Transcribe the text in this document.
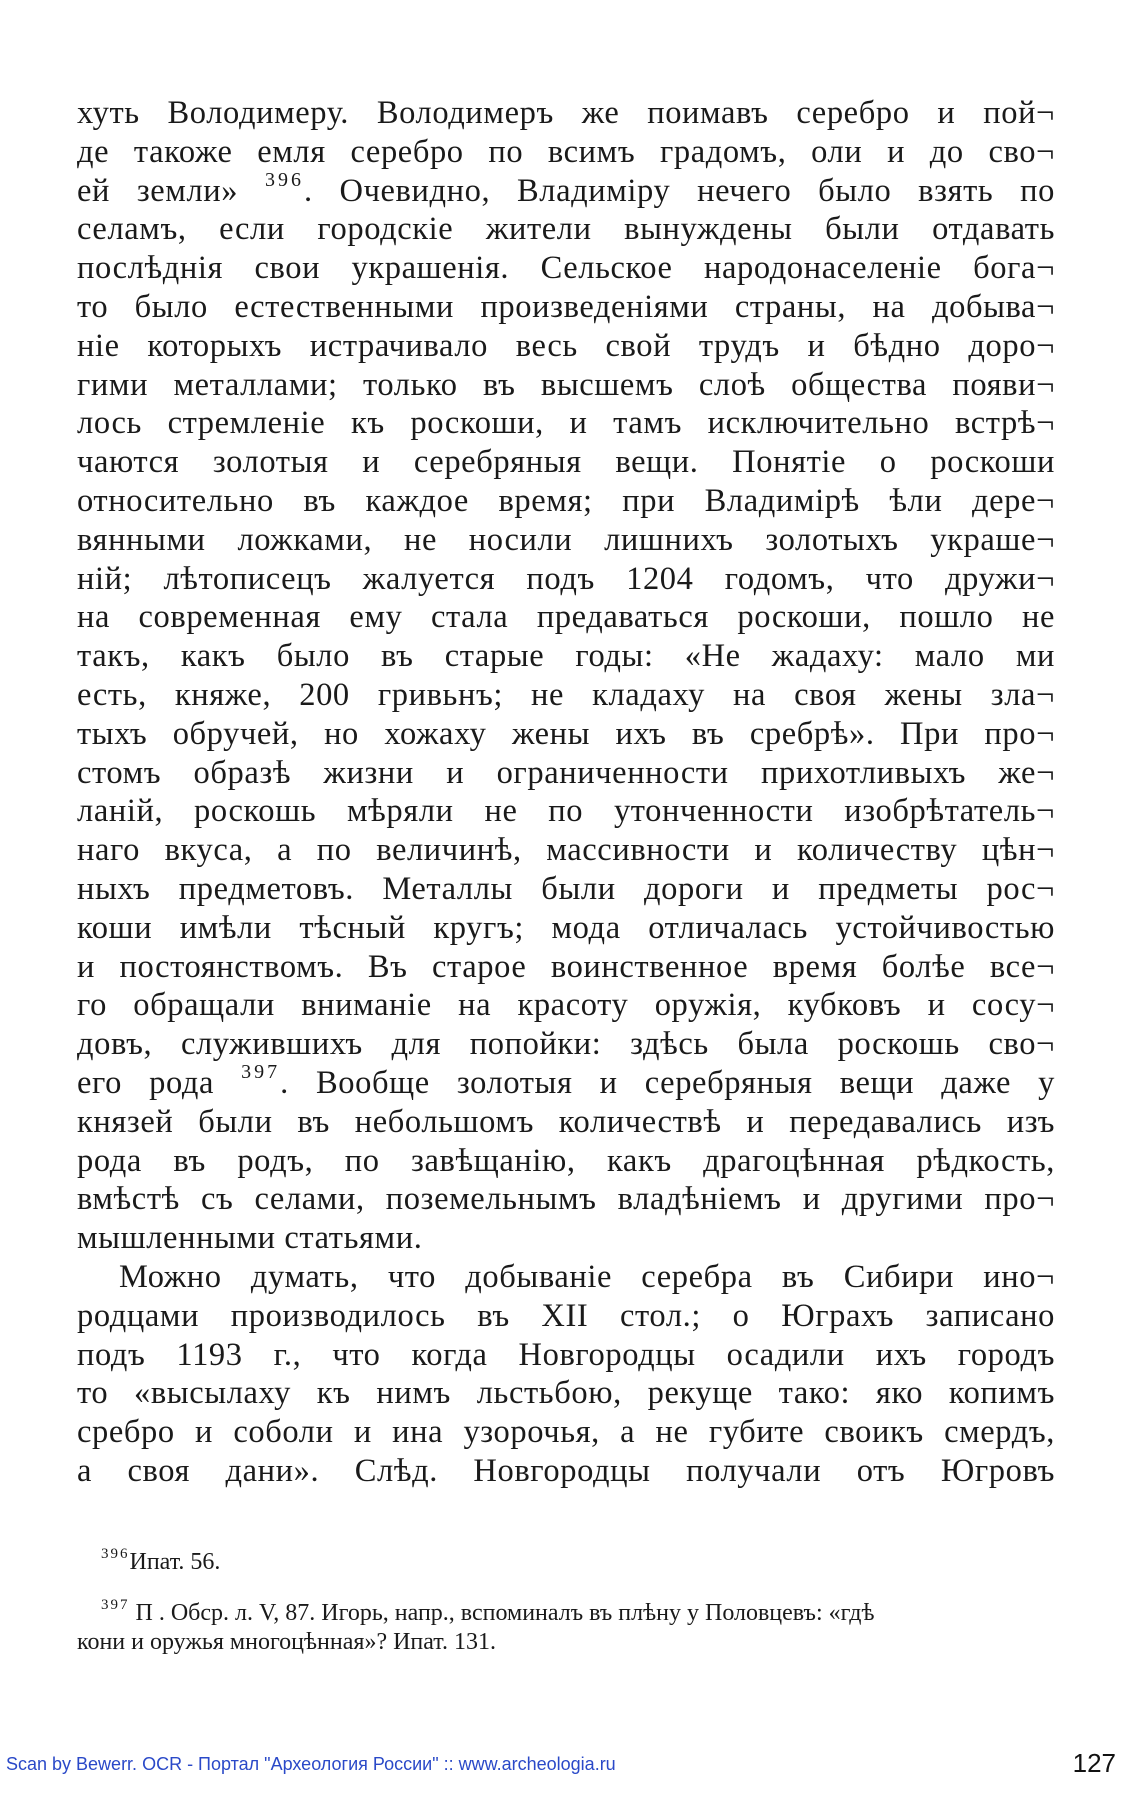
хуть Володимеру. Володимеръ же поимавъ серебро и пой¬
де такоже емля серебро по всимъ градомъ, оли и до сво¬
ей земли» $^{396}$. Очевидно, Владиміру нечего было взять по
селамъ, если городскіе жители вынуждены были отдавать
послѣднія свои украшенія. Сельское народонаселеніе бога¬
то было естественными произведеніями страны, на добыва¬
ніе которыхъ истрачивало весь свой трудъ и бѣдно доро¬
гими металлами; только въ высшемъ слоѣ общества появи¬
лось стремленіе къ роскоши, и тамъ исключительно встрѣ¬
чаются золотыя и серебряныя вещи. Понятіе о роскоши
относительно въ каждое время; при Владимірѣ ѣли дере¬
вянными ложками, не носили лишнихъ золотыхъ украше¬
ній; лѣтописецъ жалуется подъ 1204 годомъ, что дружи¬
на современная ему стала предаваться роскоши, пошло не
такъ, какъ было въ старые годы: «Не жадаху: мало ми
есть, княже, 200 гривьнъ; не кладаху на своя жены зла¬
тыхъ обручей, но хожаху жены ихъ въ сребрѣ». При про¬
стомъ образѣ жизни и ограниченности прихотливыхъ же¬
ланій, роскошь мѣряли не по утонченности изобрѣтатель¬
наго вкуса, а по величинѣ, массивности и количеству цѣн¬
ныхъ предметовъ. Металлы были дороги и предметы рос¬
коши имѣли тѣсный кругъ; мода отличалась устойчивостью
и постоянствомъ. Въ старое воинственное время болѣе все¬
го обращали вниманіе на красоту оружія, кубковъ и сосу¬
довъ, служившихъ для попойки: здѣсь была роскошь сво¬
его рода $^{397}$. Вообще золотыя и серебряныя вещи даже у
князей были въ небольшомъ количествѣ и передавались изъ
рода въ родъ, по завѣщанію, какъ драгоцѣнная рѣдкость,
вмѣстѣ съ селами, поземельнымъ владѣніемъ и другими про¬
мышленными статьями.
Можно думать, что добываніе серебра въ Сибири ино¬
родцами производилось въ XII стол.; о Юграхъ записано
подъ 1193 г., что когда Новгородцы осадили ихъ городъ
то «высылаху къ нимъ льстьбою, рекуще тако: яко копимъ
сребро и соболи и ина узорочья, а не губите своикъ смердъ,
а своя дани». Слѣд. Новгородцы получали отъ Югровъ
$^{396}$Ипат. 56.
$^{397}$ П . Обср. л. V, 87. Игорь, напр., вспоминалъ въ плѣну у Половцевъ: «гдѣ
кони и оружья многоцѣнная»? Ипат. 131.
Scan by Bewerr. OCR - Портал "Археология России" :: www.archeologia.ru	127
